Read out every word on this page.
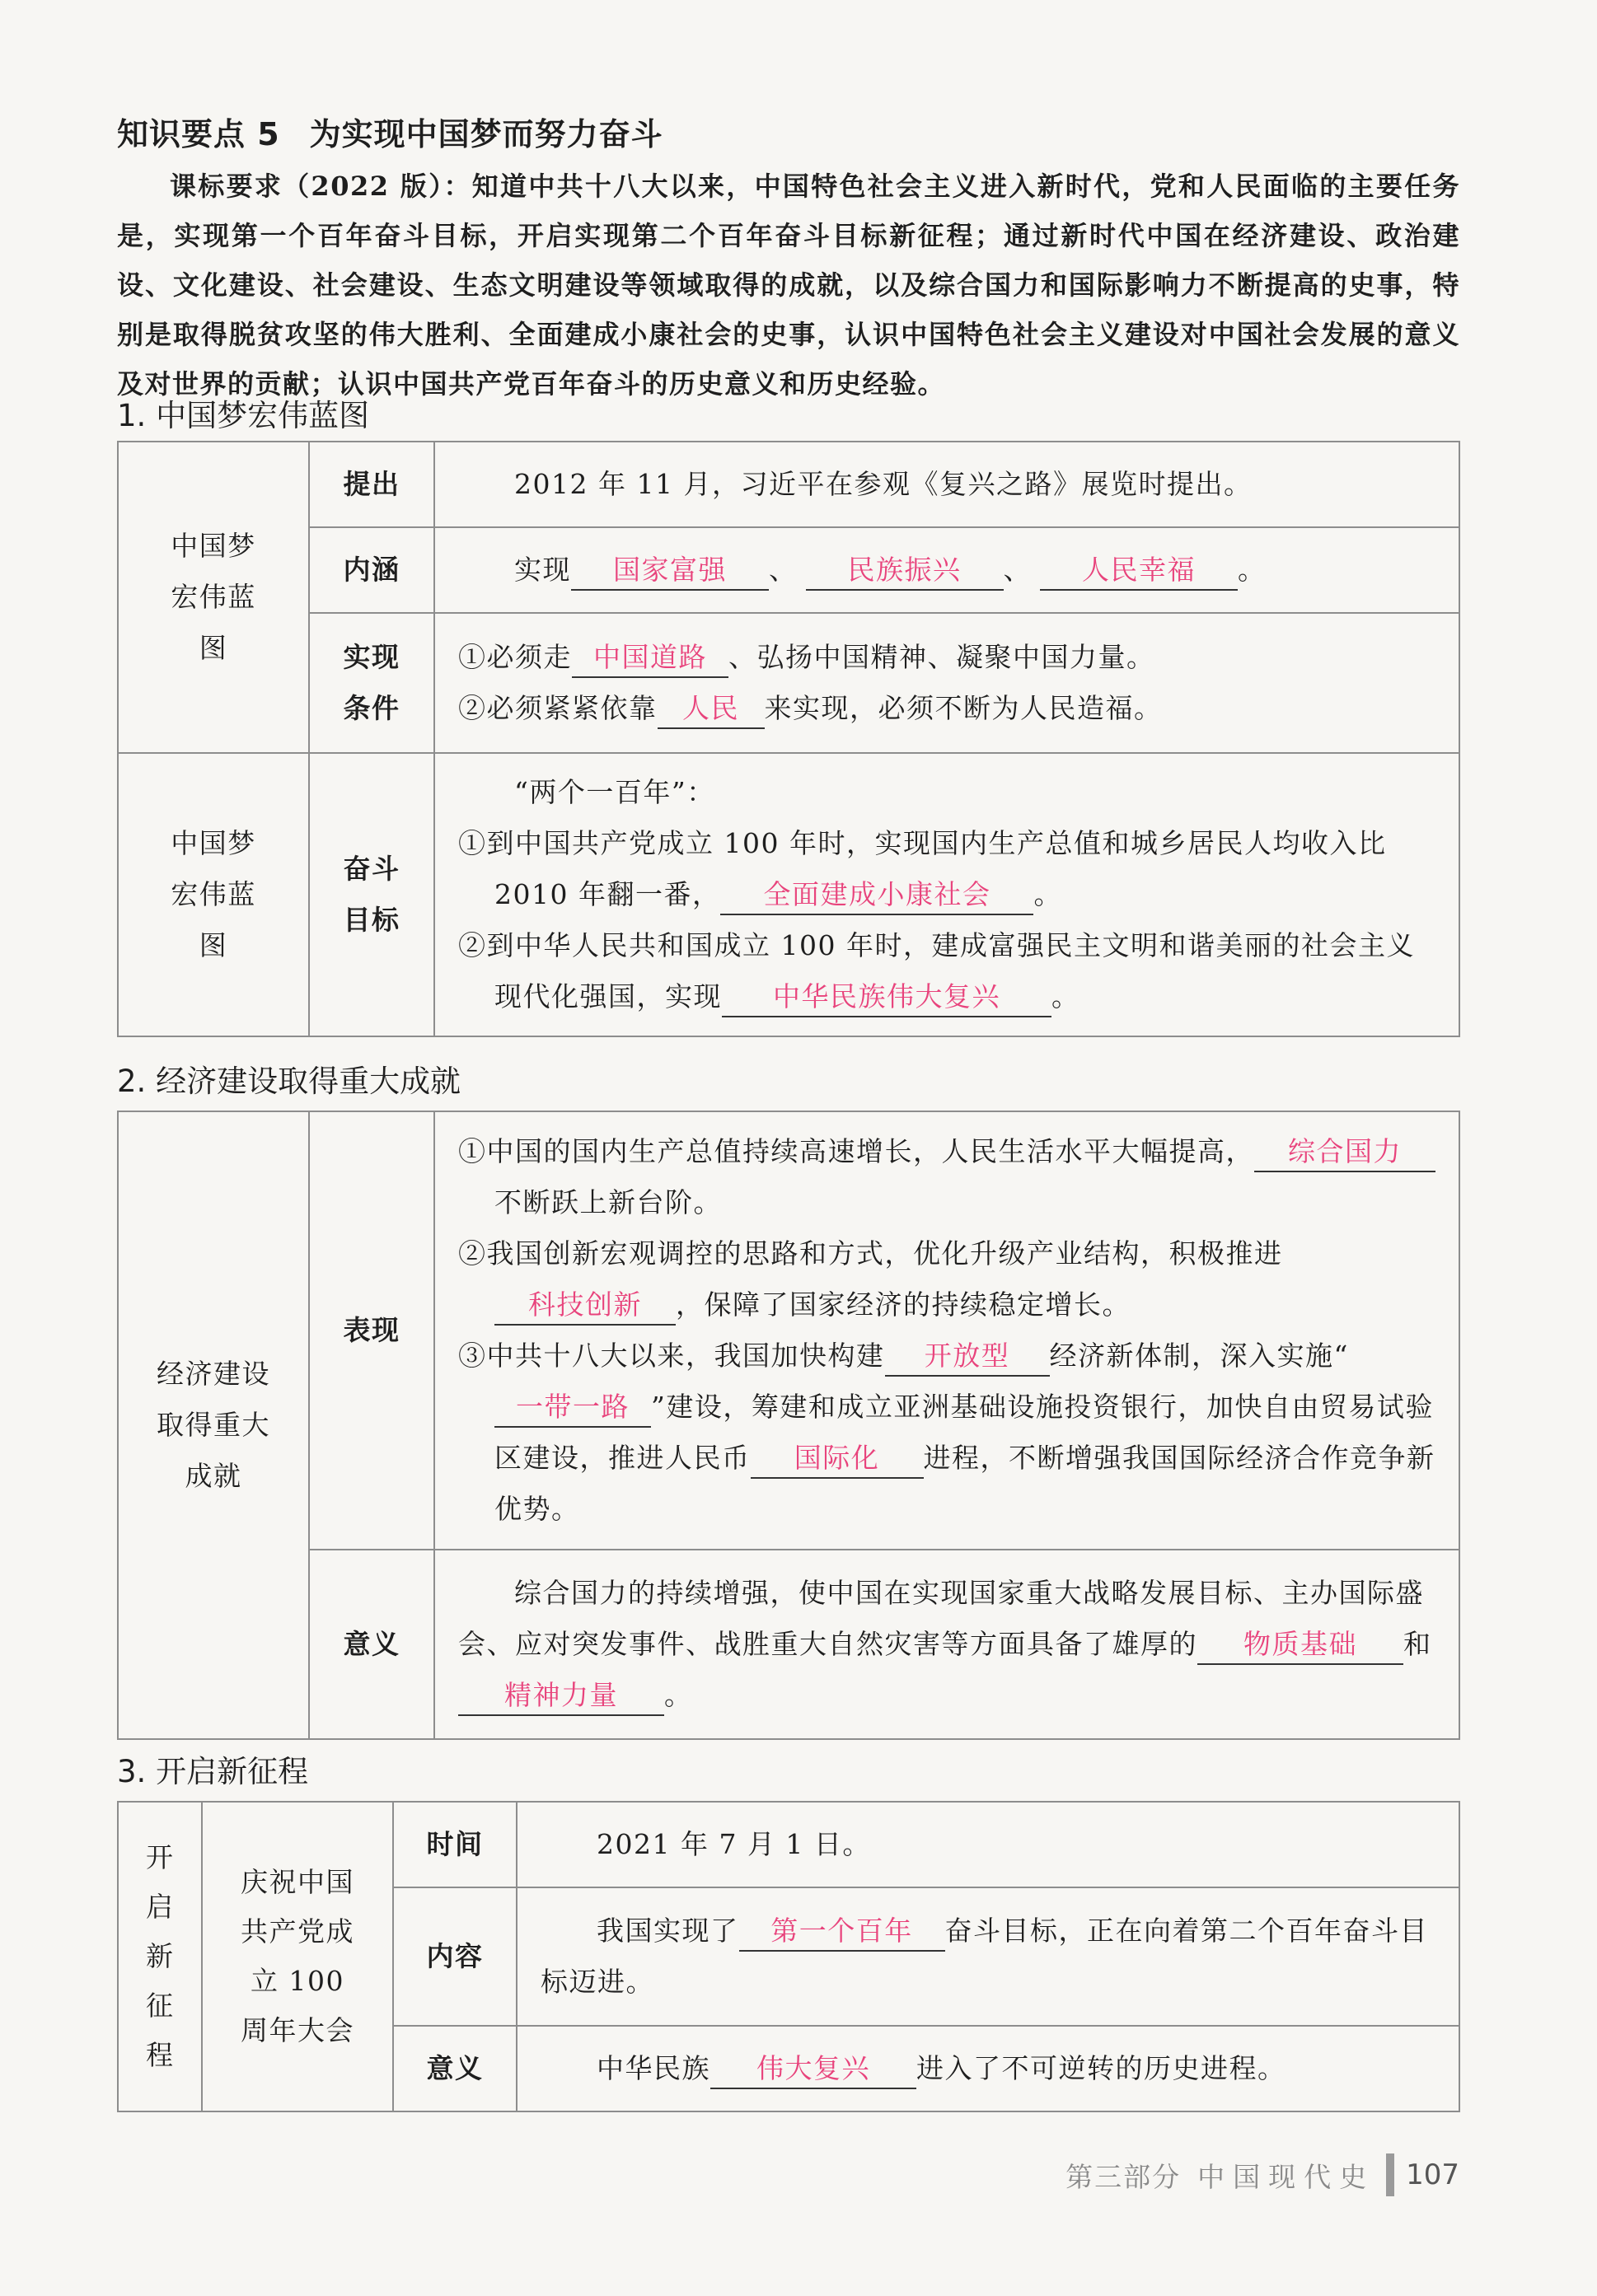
知识要点 5 为实现中国梦而努力奋斗
课标要求（2022 版）：知道中共十八大以来，中国特色社会主义进入新时代，党和人民面临的主要任务是，实现第一个百年奋斗目标，开启实现第二个百年奋斗目标新征程；通过新时代中国在经济建设、政治建设、文化建设、社会建设、生态文明建设等领域取得的成就，以及综合国力和国际影响力不断提高的史事，特别是取得脱贫攻坚的伟大胜利、全面建成小康社会的史事，认识中国特色社会主义建设对中国社会发展的意义及对世界的贡献；认识中国共产党百年奋斗的历史意义和历史经验。
1. 中国梦宏伟蓝图
中国梦宏伟蓝图	提出	2012 年 11 月，习近平在参观《复兴之路》展览时提出。
	内涵	实现 国家富强 、 民族振兴 、 人民幸福 。

	实现条件	①必须走 中国道路 、弘扬中国精神、凝聚中国力量。
②必须紧紧依靠 人民 来实现，必须不断为人民造福。

中国梦宏伟蓝图	奋斗目标	“两个一百年”：
①到中国共产党成立 100 年时，实现国内生产总值和城乡居民人均收入比 2010 年翻一番， 全面建成小康社会 。
②到中华人民共和国成立 100 年时，建成富强民主文明和谐美丽的社会主义现代化强国，实现 中华民族伟大复兴 。
2. 经济建设取得重大成就
经济建设取得重大成就	表现	①中国的国内生产总值持续高速增长，人民生活水平大幅提高， 综合国力不断跃上新台阶。
②我国创新宏观调控的思路和方式，优化升级产业结构，积极推进科技创新 ，保障了国家经济的持续稳定增长。
③中共十八大以来，我国加快构建 开放型 经济新体制，深入实施“一带一路 ”建设，筹建和成立亚洲基础设施投资银行，加快自由贸易试验区建设，推进人民币 国际化 进程，不断增强我国国际经济合作竞争新优势。

	意义	综合国力的持续增强，使中国在实现国家重大战略发展目标、主办国际盛会、应对突发事件、战胜重大自然灾害等方面具备了雄厚的 物质基础 和精神力量 。
3. 开启新征程
开启新征程	庆祝中国共产党成立 100 周年大会	时间	2021 年 7 月 1 日。
		内容	我国实现了 第一个百年 奋斗目标，正在向着第二个百年奋斗目标迈进。
		意义	中华民族 伟大复兴 进入了不可逆转的历史进程。
第三部分 中国现代史 107
